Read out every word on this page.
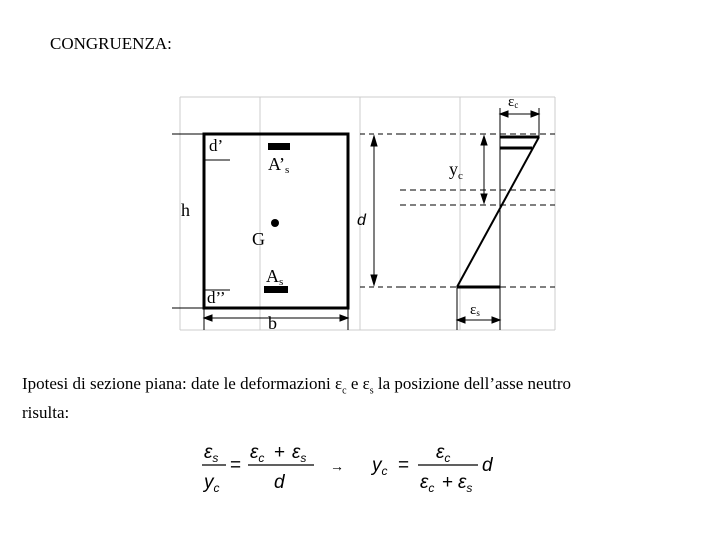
CONGRUENZA:
d’
A’s
h
G
As
d’’
b
d
$y_c$
εc
εs
Ipotesi di sezione piana: date le deformazioni $\varepsilon_c$ e $\varepsilon_s$ la posizione dell’asse neutro
risulta:
$\varepsilon_s$
$y_c$
=
$\varepsilon_c + \varepsilon_s$
d
→ $y_c$ =
$\varepsilon_c$
$\varepsilon_c + \varepsilon_s$
d
